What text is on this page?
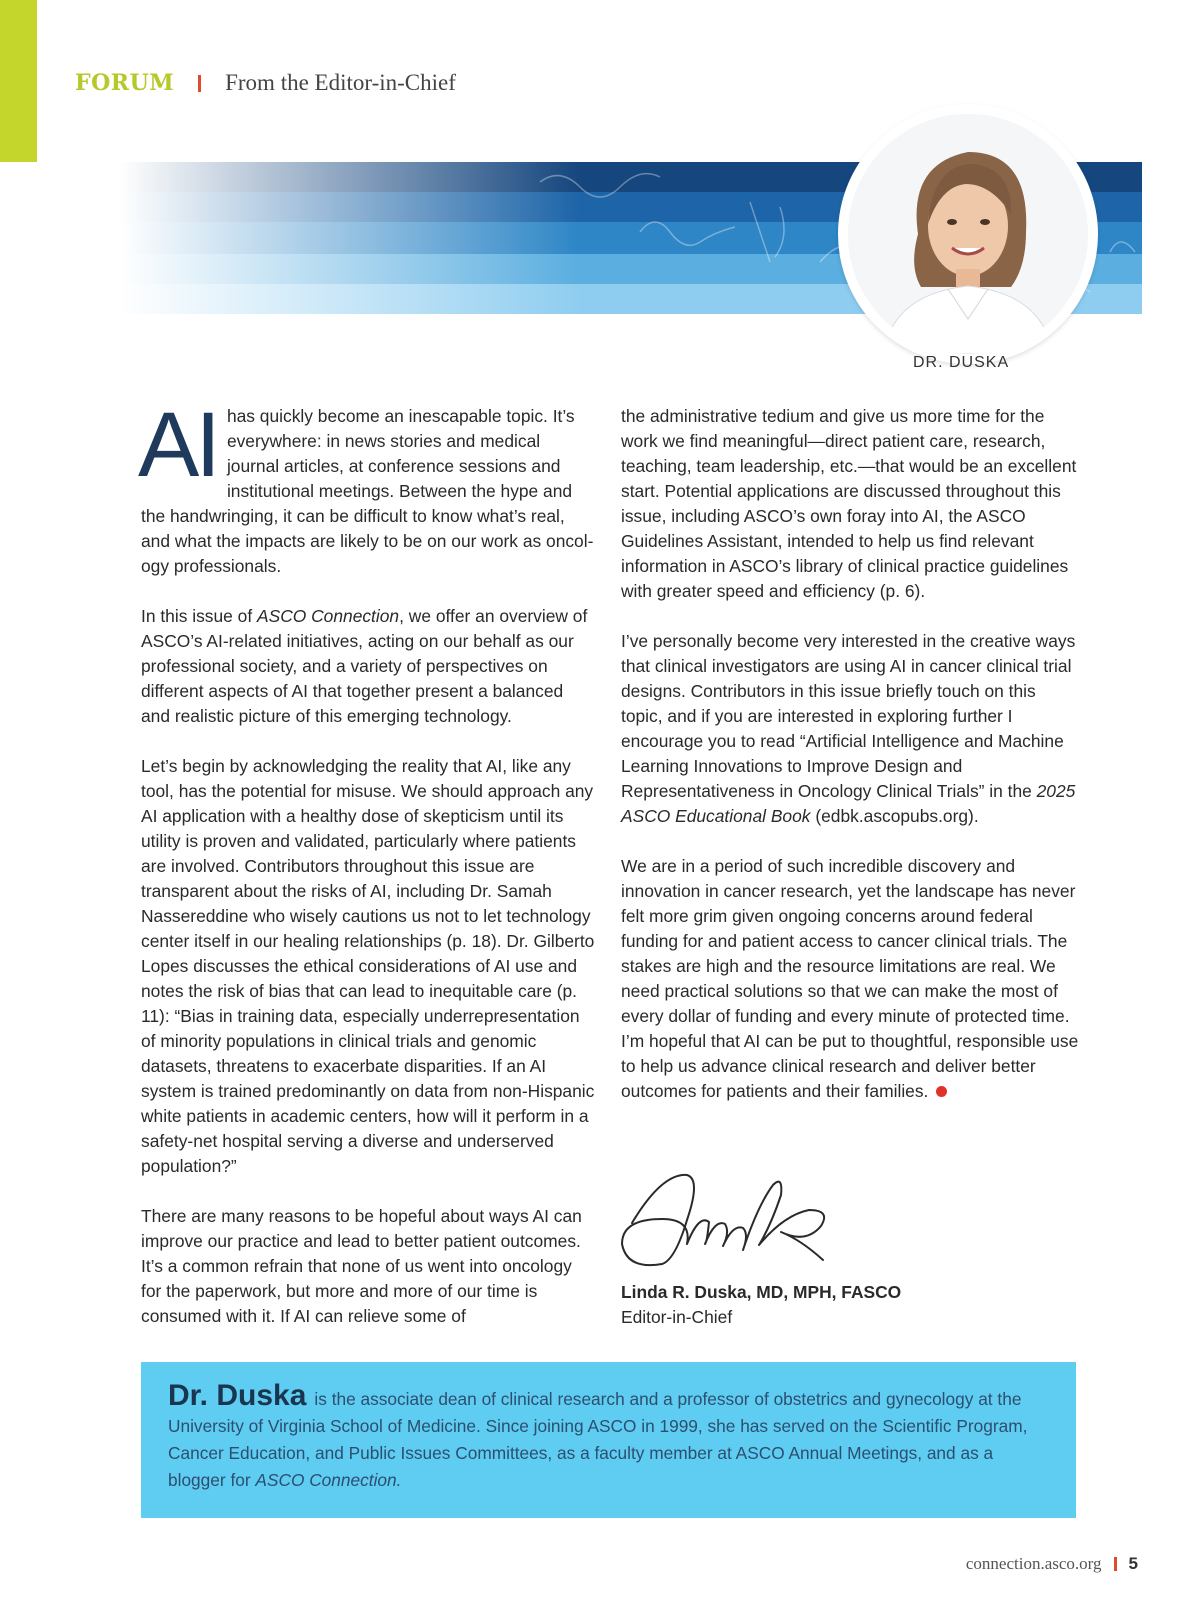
FORUM From the Editor-in-Chief
DR. DUSKA

AI has quickly become an inescapable topic. It’s everywhere: in news stories and medical journal articles, at conference sessions and institutional meetings. Between the hype and the handwringing, it can be difficult to know what’s real, and what the impacts are likely to be on our work as oncology professionals.

In this issue of ASCO Connection, we offer an overview of ASCO’s AI-related initiatives, acting on our behalf as our professional society, and a variety of perspectives on different aspects of AI that together present a balanced and realistic picture of this emerging technology.

Let’s begin by acknowledging the reality that AI, like any tool, has the potential for misuse. We should approach any AI application with a healthy dose of skepticism until its utility is proven and validated, particularly where patients are involved. Contributors throughout this issue are transparent about the risks of AI, including Dr. Samah Nassereddine who wisely cautions us not to let technology center itself in our healing relationships (p. 18). Dr. Gilberto Lopes discusses the ethical considerations of AI use and notes the risk of bias that can lead to inequitable care (p. 11): “Bias in training data, especially underrepresentation of minority populations in clinical trials and genomic datasets, threatens to exacerbate disparities. If an AI system is trained predominantly on data from non-Hispanic white patients in academic centers, how will it perform in a safety-net hospital serving a diverse and underserved population?”

There are many reasons to be hopeful about ways AI can improve our practice and lead to better patient outcomes. It’s a common refrain that none of us went into oncology for the paperwork, but more and more of our time is consumed with it. If AI can relieve some of

the administrative tedium and give us more time for the work we find meaningful—direct patient care, research, teaching, team leadership, etc.—that would be an excellent start. Potential applications are discussed throughout this issue, including ASCO’s own foray into AI, the ASCO Guidelines Assistant, intended to help us find relevant information in ASCO’s library of clinical practice guidelines with greater speed and efficiency (p. 6).

I’ve personally become very interested in the creative ways that clinical investigators are using AI in cancer clinical trial designs. Contributors in this issue briefly touch on this topic, and if you are interested in exploring further I encourage you to read “Artificial Intelligence and Machine Learning Innovations to Improve Design and Representativeness in Oncology Clinical Trials” in the 2025 ASCO Educational Book (edbk.ascopubs.org).

We are in a period of such incredible discovery and innovation in cancer research, yet the landscape has never felt more grim given ongoing concerns around federal funding for and patient access to cancer clinical trials. The stakes are high and the resource limitations are real. We need practical solutions so that we can make the most of every dollar of funding and every minute of protected time. I’m hopeful that AI can be put to thoughtful, responsible use to help us advance clinical research and deliver better outcomes for patients and their families.

Linda R. Duska, MD, MPH, FASCO
Editor-in-Chief
Dr. Duska is the associate dean of clinical research and a professor of obstetrics and gynecology at the University of Virginia School of Medicine. Since joining ASCO in 1999, she has served on the Scientific Program, Cancer Education, and Public Issues Committees, as a faculty member at ASCO Annual Meetings, and as a blogger for ASCO Connection.
connection.asco.org 5
